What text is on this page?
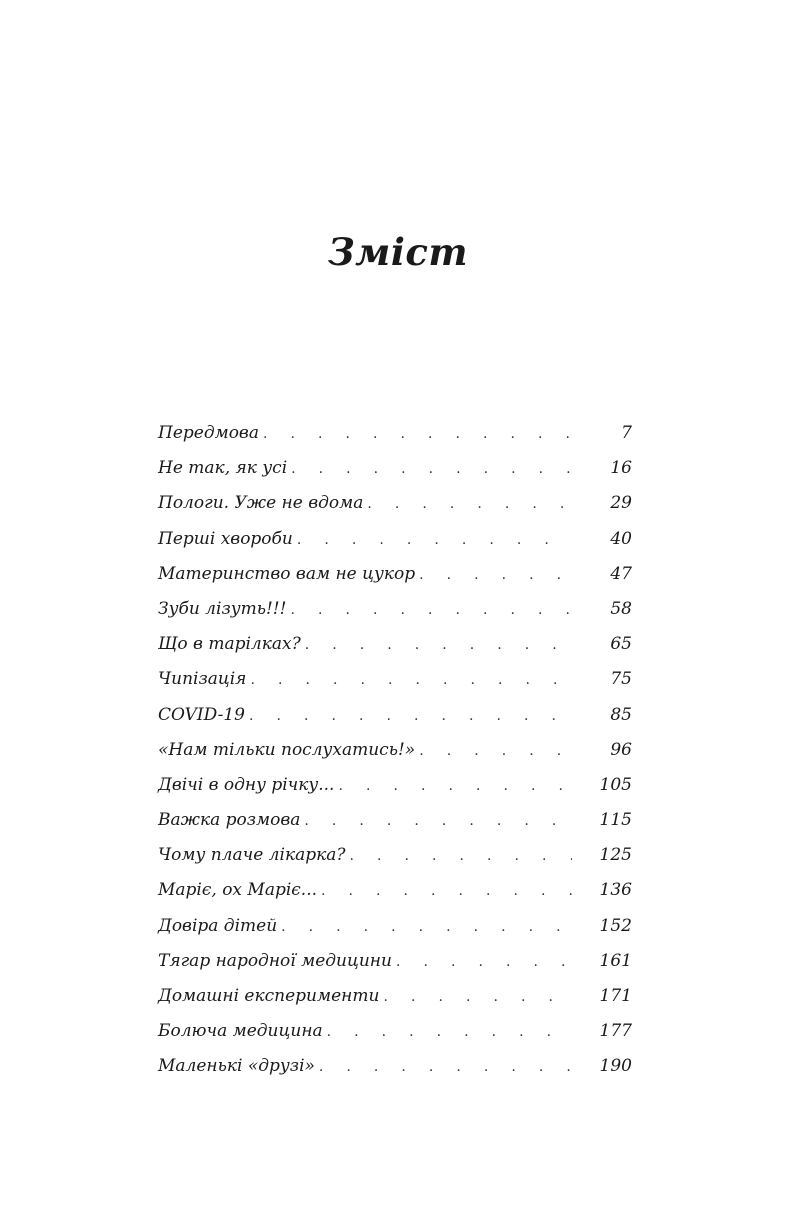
Зміст
Передмова . . .	7
Не так, як усі . . .	16
Пологи. Уже не вдома . . .	29
Перші хвороби . . .	40
Материнство вам не цукор . . .	47
Зуби лізуть!!! . . .	58
Що в тарілках? . . .	65
Чипізація . . .	75
COVID-19 . . .	85
«Нам тільки послухатись!» . . .	96
Двічі в одну річку... . . .	105
Важка розмова . . .	115
Чому плаче лікарка? . . .	125
Маріє, ох Маріє... . . .	136
Довіра дітей . . .	152
Тягар народної медицини . . .	161
Домашні експерименти . . .	171
Болюча медицина . . .	177
Маленькі «друзі» . . .	190
